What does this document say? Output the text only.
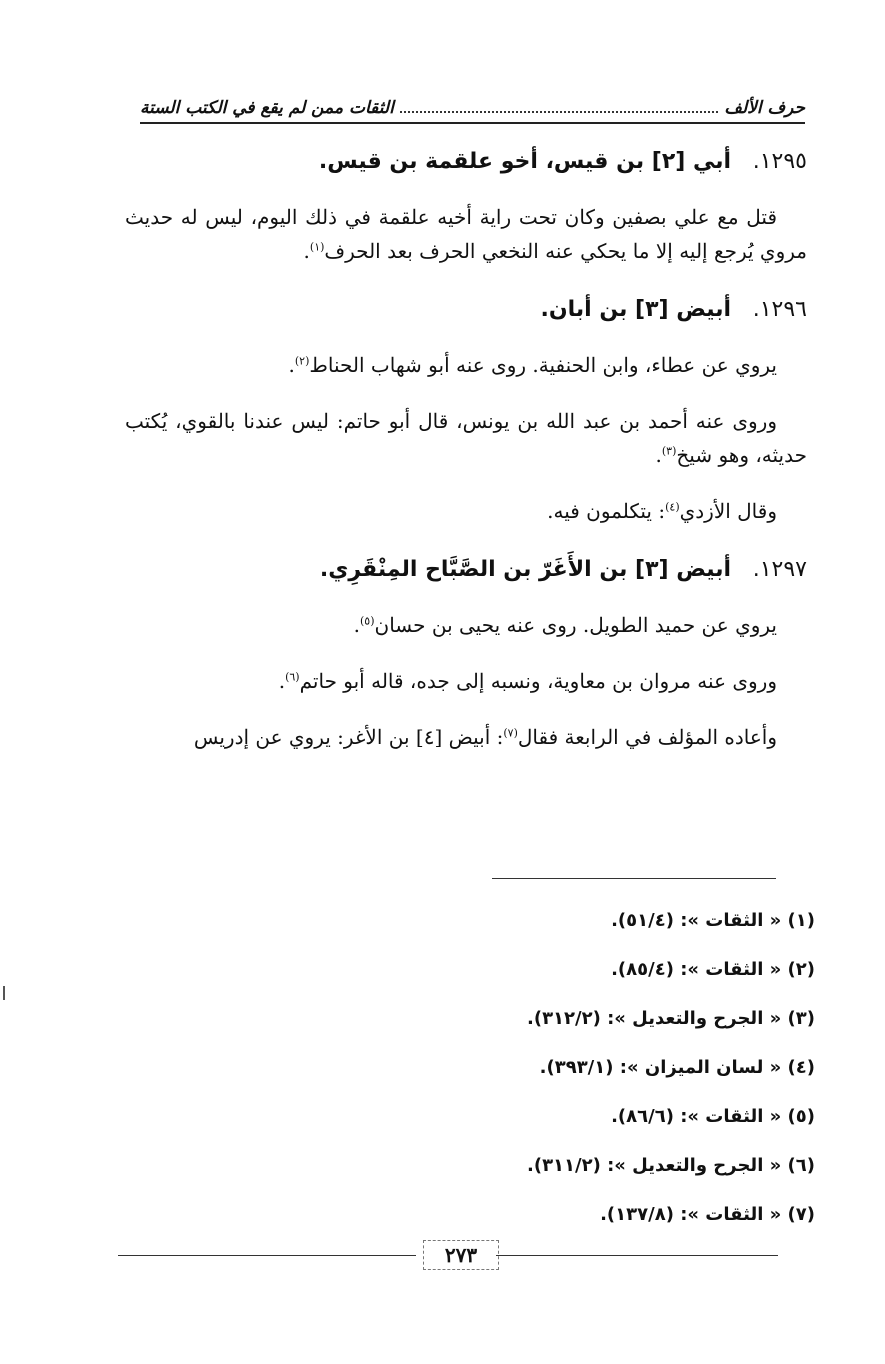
حرف الألف
الثقات ممن لم يقع في الكتب الستة
١٢٩٥. أبي [٢] بن قيس، أخو علقمة بن قيس.

قتل مع علي بصفين وكان تحت راية أخيه علقمة في ذلك اليوم، ليس له حديث مروي يُرجع إليه إلا ما يحكي عنه النخعي الحرف بعد الحرف$^{(١)}$.

١٢٩٦. أبيض [٣] بن أبان.

يروي عن عطاء، وابن الحنفية. روى عنه أبو شهاب الحناط$^{(٢)}$.

وروى عنه أحمد بن عبد الله بن يونس، قال أبو حاتم: ليس عندنا بالقوي، يُكتب حديثه، وهو شيخ$^{(٣)}$.

وقال الأزدي$^{(٤)}$: يتكلمون فيه.

١٢٩٧. أبيض [٣] بن الأَغَرّ بن الصَّبَّاح المِنْقَرِي.

يروي عن حميد الطويل. روى عنه يحيى بن حسان$^{(٥)}$.

وروى عنه مروان بن معاوية، ونسبه إلى جده، قاله أبو حاتم$^{(٦)}$.

وأعاده المؤلف في الرابعة فقال$^{(٧)}$: أبيض [٤] بن الأغر: يروي عن إدريس

(١) « الثقات »: (٥١/٤).
(٢) « الثقات »: (٨٥/٤).
(٣) « الجرح والتعديل »: (٣١٢/٢).
(٤) « لسان الميزان »: (٣٩٣/١).
(٥) « الثقات »: (٨٦/٦).
(٦) « الجرح والتعديل »: (٣١١/٢).
(٧) « الثقات »: (١٣٧/٨).
٢٧٣
